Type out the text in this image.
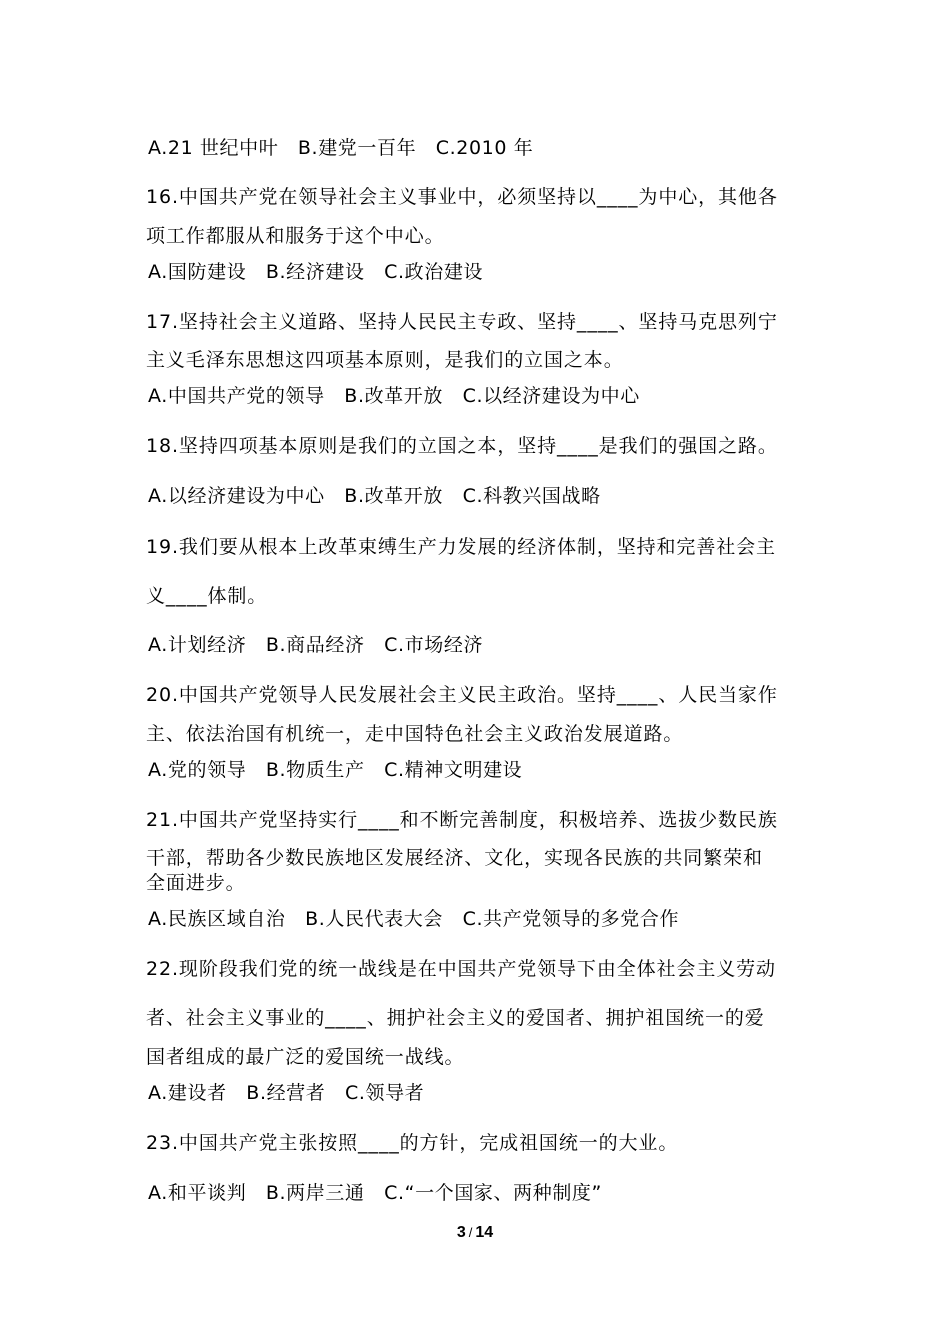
A.21 世纪中叶　B.建党一百年　C.2010 年
16.中国共产党在领导社会主义事业中，必须坚持以____为中心，其他各
项工作都服从和服务于这个中心。
A.国防建设　B.经济建设　C.政治建设
17.坚持社会主义道路、坚持人民民主专政、坚持____、坚持马克思列宁
主义毛泽东思想这四项基本原则，是我们的立国之本。
A.中国共产党的领导　B.改革开放　C.以经济建设为中心
18.坚持四项基本原则是我们的立国之本，坚持____是我们的强国之路。
A.以经济建设为中心　B.改革开放　C.科教兴国战略
19.我们要从根本上改革束缚生产力发展的经济体制，坚持和完善社会主
义____体制。
A.计划经济　B.商品经济　C.市场经济
20.中国共产党领导人民发展社会主义民主政治。坚持____、人民当家作
主、依法治国有机统一，走中国特色社会主义政治发展道路。
A.党的领导　B.物质生产　C.精神文明建设
21.中国共产党坚持实行____和不断完善制度，积极培养、选拔少数民族
干部，帮助各少数民族地区发展经济、文化，实现各民族的共同繁荣和
全面进步。
A.民族区域自治　B.人民代表大会　C.共产党领导的多党合作
22.现阶段我们党的统一战线是在中国共产党领导下由全体社会主义劳动
者、社会主义事业的____、拥护社会主义的爱国者、拥护祖国统一的爱
国者组成的最广泛的爱国统一战线。
A.建设者　B.经营者　C.领导者
23.中国共产党主张按照____的方针，完成祖国统一的大业。
A.和平谈判　B.两岸三通　C.“一个国家、两种制度”
3 / 14
